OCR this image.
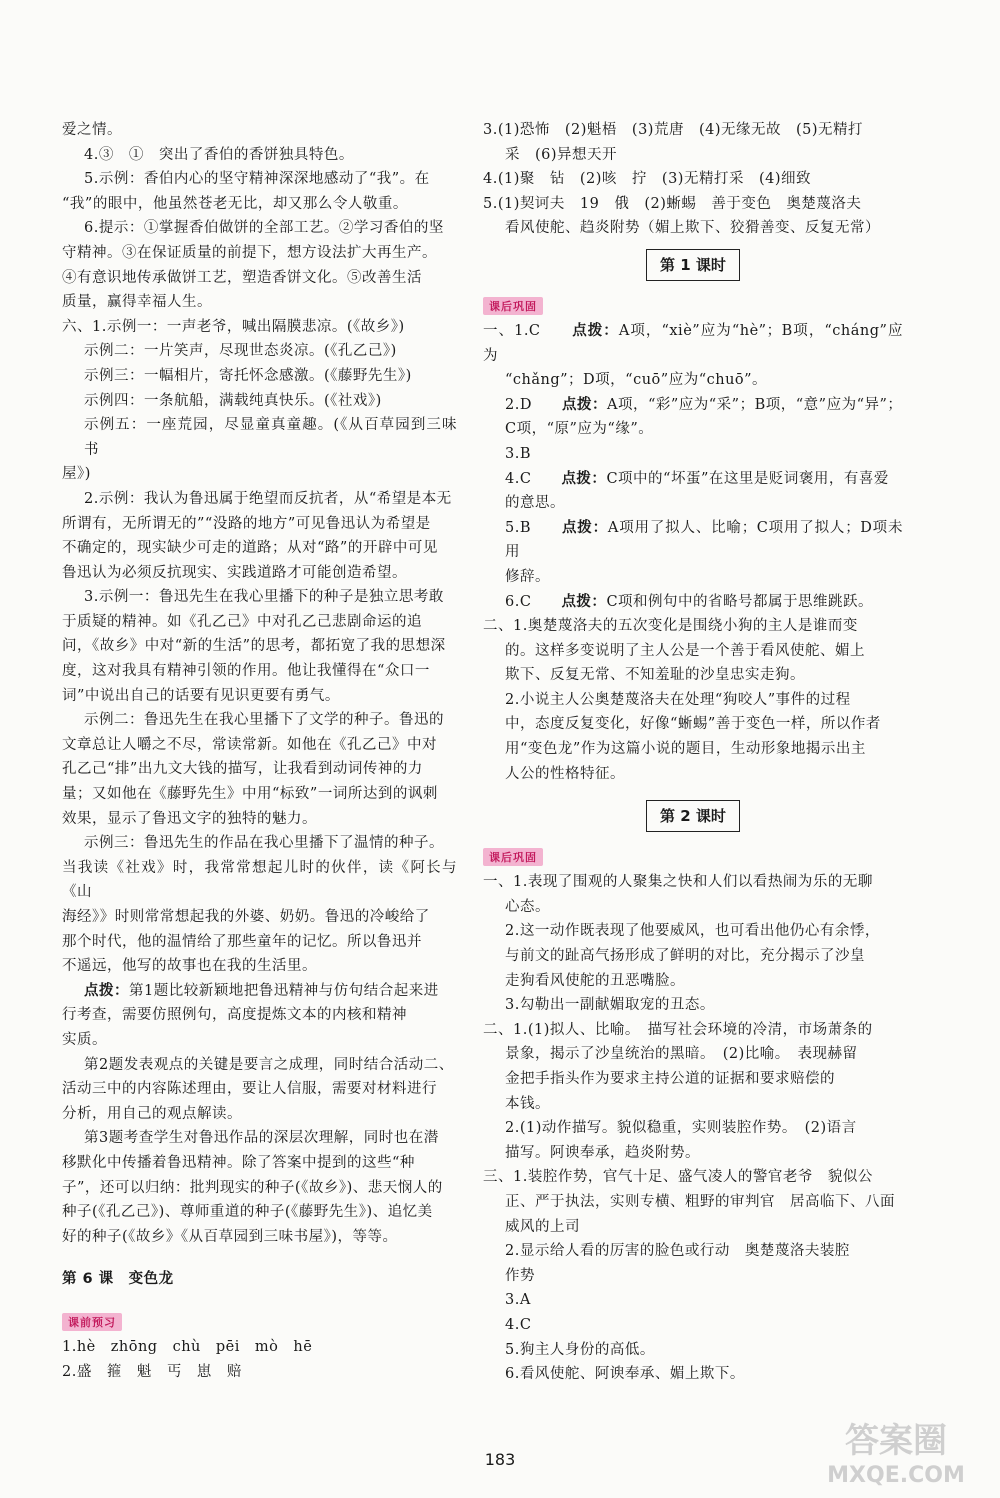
爱之情。

4.③　①　突出了香伯的香饼独具特色。

5.示例：香伯内心的坚守精神深深地感动了“我”。在

“我”的眼中，他虽然苍老无比，却又那么令人敬重。

6.提示：①掌握香伯做饼的全部工艺。②学习香伯的坚

守精神。③在保证质量的前提下，想方设法扩大再生产。

④有意识地传承做饼工艺，塑造香饼文化。⑤改善生活

质量，赢得幸福人生。

六、1.示例一：一声老爷，喊出隔膜悲凉。(《故乡》)

示例二：一片笑声，尽现世态炎凉。(《孔乙己》)

示例三：一幅相片，寄托怀念感激。(《藤野先生》)

示例四：一条航船，满载纯真快乐。(《社戏》)

示例五：一座荒园，尽显童真童趣。(《从百草园到三味书

屋》)

2.示例：我认为鲁迅属于绝望而反抗者，从“希望是本无

所谓有，无所谓无的”“没路的地方”可见鲁迅认为希望是

不确定的，现实缺少可走的道路；从对“路”的开辟中可见

鲁迅认为必须反抗现实、实践道路才可能创造希望。

3.示例一：鲁迅先生在我心里播下的种子是独立思考敢

于质疑的精神。如《孔乙己》中对孔乙己悲剧命运的追

问，《故乡》中对“新的生活”的思考，都拓宽了我的思想深

度，这对我具有精神引领的作用。他让我懂得在“众口一

词”中说出自己的话要有见识更要有勇气。

示例二：鲁迅先生在我心里播下了文学的种子。鲁迅的

文章总让人嚼之不尽，常读常新。如他在《孔乙己》中对

孔乙己“排”出九文大钱的描写，让我看到动词传神的力

量；又如他在《藤野先生》中用“标致”一词所达到的讽刺

效果，显示了鲁迅文字的独特的魅力。

示例三：鲁迅先生的作品在我心里播下了温情的种子。

当我读《社戏》时，我常常想起儿时的伙伴，读《阿长与《山

海经》》时则常常想起我的外婆、奶奶。鲁迅的冷峻给了

那个时代，他的温情给了那些童年的记忆。所以鲁迅并

不遥远，他写的故事也在我的生活里。

点拨：第1题比较新颖地把鲁迅精神与仿句结合起来进

行考查，需要仿照例句，高度提炼文本的内核和精神

实质。

第2题发表观点的关键是要言之成理，同时结合活动二、

活动三中的内容陈述理由，要让人信服，需要对材料进行

分析，用自己的观点解读。

第3题考查学生对鲁迅作品的深层次理解，同时也在潜

移默化中传播着鲁迅精神。除了答案中提到的这些“种

子”，还可以归纳：批判现实的种子(《故乡》)、悲天悯人的

种子(《孔乙己》)、尊师重道的种子(《藤野先生》)、追忆美

好的种子(《故乡》《从百草园到三味书屋》)，等等。

第 6 课　变色龙

课前预习

1.hè　zhōng　chù　pēi　mò　hē

2.盛　箍　魁　丐　崽　赔

3.(1)恐怖　(2)魁梧　(3)荒唐　(4)无缘无故　(5)无精打

采　(6)异想天开

4.(1)聚　钻　(2)咳　拧　(3)无精打采　(4)细致

5.(1)契诃夫　19　俄　(2)蜥蜴　善于变色　奥楚蔑洛夫

看风使舵、趋炎附势（媚上欺下、狡猾善变、反复无常）

第 1 课时
课后巩固

一、1.C　　点拨：A项，“xiè”应为“hè”；B项，“cháng”应为

“chǎng”；D项，“cuō”应为“chuō”。

2.D　　点拨：A项，“彩”应为“采”；B项，“意”应为“异”；

C项，“原”应为“缘”。

3.B

4.C　　点拨：C项中的“坏蛋”在这里是贬词褒用，有喜爱

的意思。

5.B　　点拨：A项用了拟人、比喻；C项用了拟人；D项未用

修辞。

6.C　　点拨：C项和例句中的省略号都属于思维跳跃。

二、1.奥楚蔑洛夫的五次变化是围绕小狗的主人是谁而变

的。这样多变说明了主人公是一个善于看风使舵、媚上

欺下、反复无常、不知羞耻的沙皇忠实走狗。

2.小说主人公奥楚蔑洛夫在处理“狗咬人”事件的过程

中，态度反复变化，好像“蜥蜴”善于变色一样，所以作者

用“变色龙”作为这篇小说的题目，生动形象地揭示出主

人公的性格特征。

第 2 课时
课后巩固

一、1.表现了围观的人聚集之快和人们以看热闹为乐的无聊

心态。

2.这一动作既表现了他要威风，也可看出他仍心有余悸，

与前文的趾高气扬形成了鲜明的对比，充分揭示了沙皇

走狗看风使舵的丑恶嘴脸。

3.勾勒出一副献媚取宠的丑态。

二、1.(1)拟人、比喻。　描写社会环境的冷清，市场萧条的

景象，揭示了沙皇统治的黑暗。　(2)比喻。　表现赫留

金把手指头作为要求主持公道的证据和要求赔偿的

本钱。

2.(1)动作描写。貌似稳重，实则装腔作势。　(2)语言

描写。阿谀奉承，趋炎附势。

三、1.装腔作势，官气十足、盛气凌人的警官老爷　貌似公

正、严于执法，实则专横、粗野的审判官　居高临下、八面

威风的上司

2.显示给人看的厉害的脸色或行动　奥楚蔑洛夫装腔

作势

3.A

4.C

5.狗主人身份的高低。

6.看风使舵、阿谀奉承、媚上欺下。

183	答案圈
MXQE.COM
